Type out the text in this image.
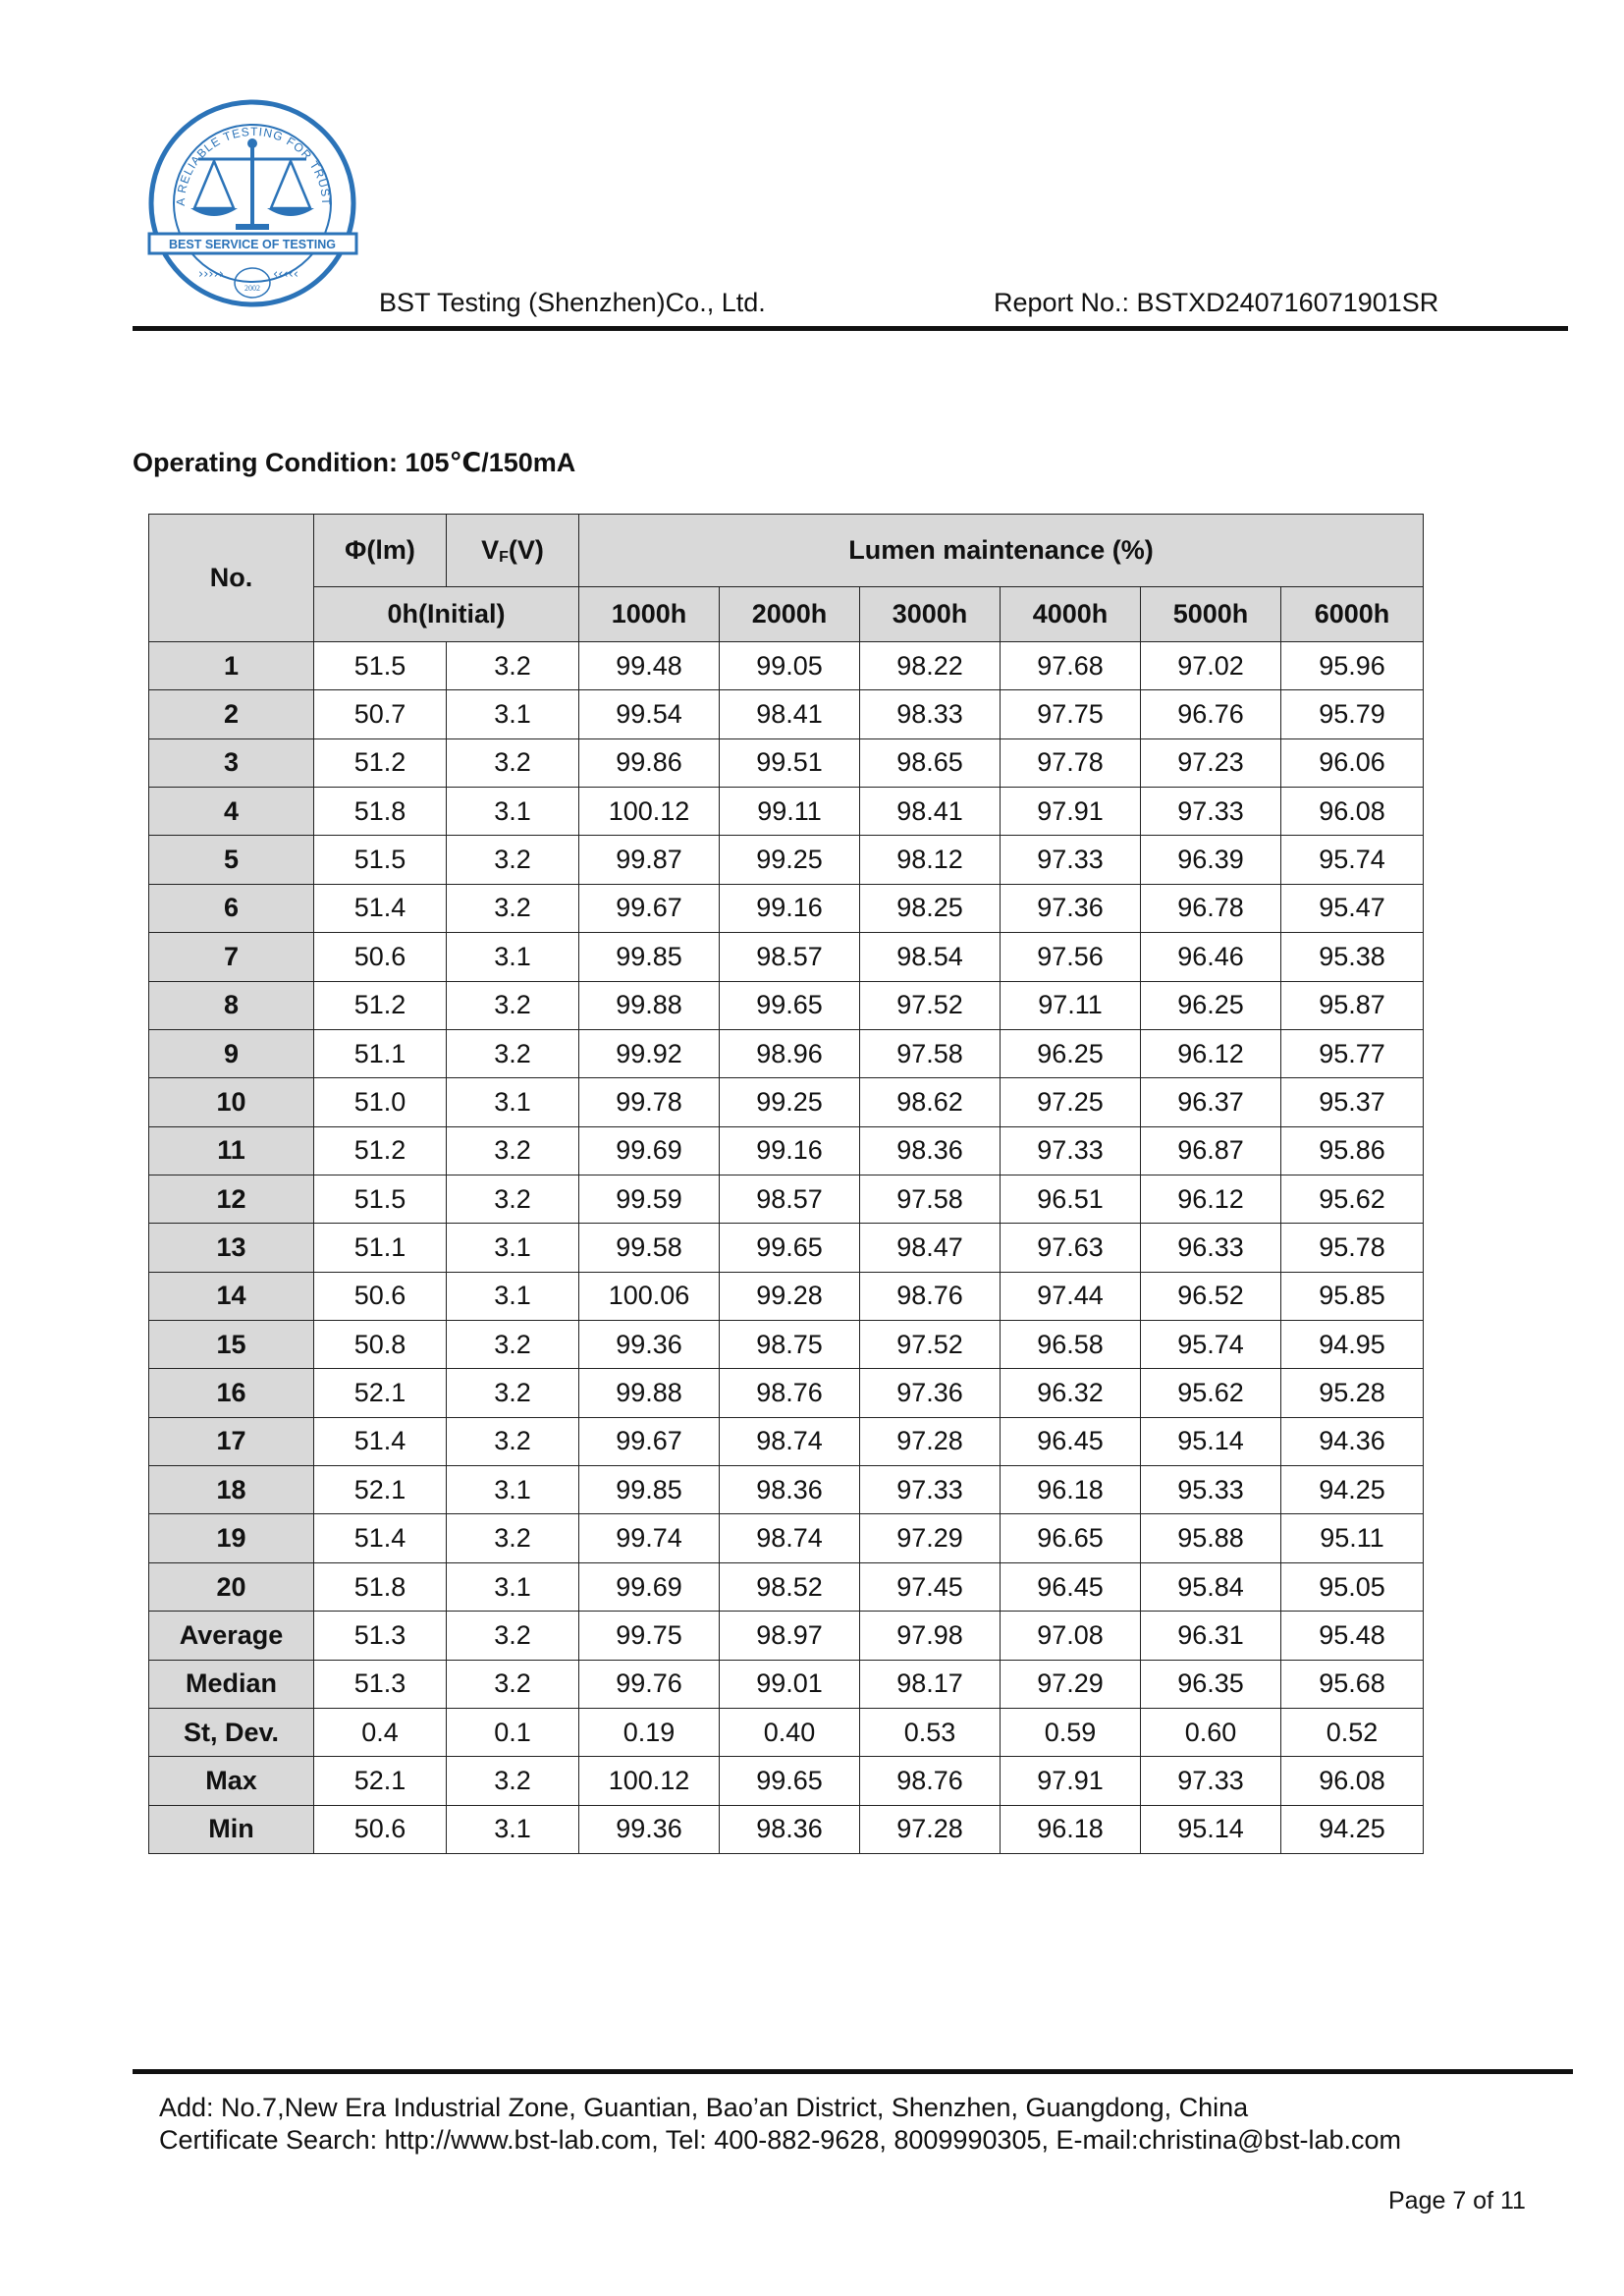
A RELIABLE TESTING FOR TRUST
BEST SERVICE OF TESTING
›››››	‹‹‹‹‹
2002	BST Testing (Shenzhen)Co., Ltd.	Report No.: BSTXD240716071901SR
Operating Condition: 105℃/150mA
No.	Φ(lm)	$V_F(V)$	Lumen maintenance (%)					
	0h(Initial)		1000h	2000h	3000h	4000h	5000h	6000h
1	51.5	3.2	99.48	99.05	98.22	97.68	97.02	95.96
2	50.7	3.1	99.54	98.41	98.33	97.75	96.76	95.79
3	51.2	3.2	99.86	99.51	98.65	97.78	97.23	96.06
4	51.8	3.1	100.12	99.11	98.41	97.91	97.33	96.08
5	51.5	3.2	99.87	99.25	98.12	97.33	96.39	95.74
6	51.4	3.2	99.67	99.16	98.25	97.36	96.78	95.47
7	50.6	3.1	99.85	98.57	98.54	97.56	96.46	95.38
8	51.2	3.2	99.88	99.65	97.52	97.11	96.25	95.87
9	51.1	3.2	99.92	98.96	97.58	96.25	96.12	95.77
10	51.0	3.1	99.78	99.25	98.62	97.25	96.37	95.37
11	51.2	3.2	99.69	99.16	98.36	97.33	96.87	95.86
12	51.5	3.2	99.59	98.57	97.58	96.51	96.12	95.62
13	51.1	3.1	99.58	99.65	98.47	97.63	96.33	95.78
14	50.6	3.1	100.06	99.28	98.76	97.44	96.52	95.85
15	50.8	3.2	99.36	98.75	97.52	96.58	95.74	94.95
16	52.1	3.2	99.88	98.76	97.36	96.32	95.62	95.28
17	51.4	3.2	99.67	98.74	97.28	96.45	95.14	94.36
18	52.1	3.1	99.85	98.36	97.33	96.18	95.33	94.25
19	51.4	3.2	99.74	98.74	97.29	96.65	95.88	95.11
20	51.8	3.1	99.69	98.52	97.45	96.45	95.84	95.05
Average	51.3	3.2	99.75	98.97	97.98	97.08	96.31	95.48
Median	51.3	3.2	99.76	99.01	98.17	97.29	96.35	95.68
St, Dev.	0.4	0.1	0.19	0.40	0.53	0.59	0.60	0.52
Max	52.1	3.2	100.12	99.65	98.76	97.91	97.33	96.08
Min	50.6	3.1	99.36	98.36	97.28	96.18	95.14	94.25
Add: No.7,New Era Industrial Zone, Guantian, Bao’an District, Shenzhen, Guangdong, China
Certificate Search: http://www.bst-lab.com, Tel: 400-882-9628, 8009990305, E-mail:christina@bst-lab.com
Page 7 of 11
